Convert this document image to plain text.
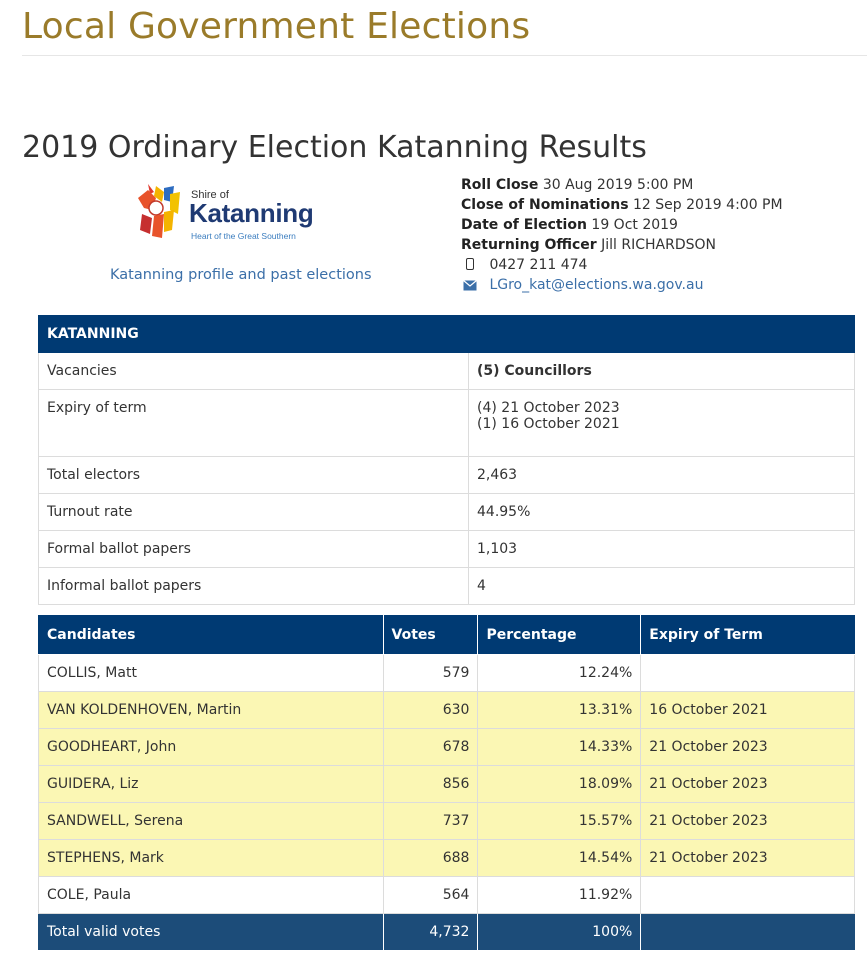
Local Government Elections
2019 Ordinary Election Katanning Results
Shire of
Katanning
Heart of the Great Southern
Katanning profile and past elections
Roll Close 30 Aug 2019 5:00 PM
Close of Nominations 12 Sep 2019 4:00 PM
Date of Election 19 Oct 2019
Returning Officer Jill RICHARDSON
0427 211 474
LGro_kat@elections.wa.gov.au
KATANNING	
Vacancies	(5) Councillors
Expiry of term	(4) 21 October 2023
(1) 16 October 2021

Total electors	2,463
Turnout rate	44.95%
Formal ballot papers	1,103
Informal ballot papers	4
Candidates	Votes	Percentage	Expiry of Term
COLLIS, Matt	579	12.24%	
VAN KOLDENHOVEN, Martin	630	13.31%	16 October 2021
GOODHEART, John	678	14.33%	21 October 2023
GUIDERA, Liz	856	18.09%	21 October 2023
SANDWELL, Serena	737	15.57%	21 October 2023
STEPHENS, Mark	688	14.54%	21 October 2023
COLE, Paula	564	11.92%	
Total valid votes	4,732	100%	
